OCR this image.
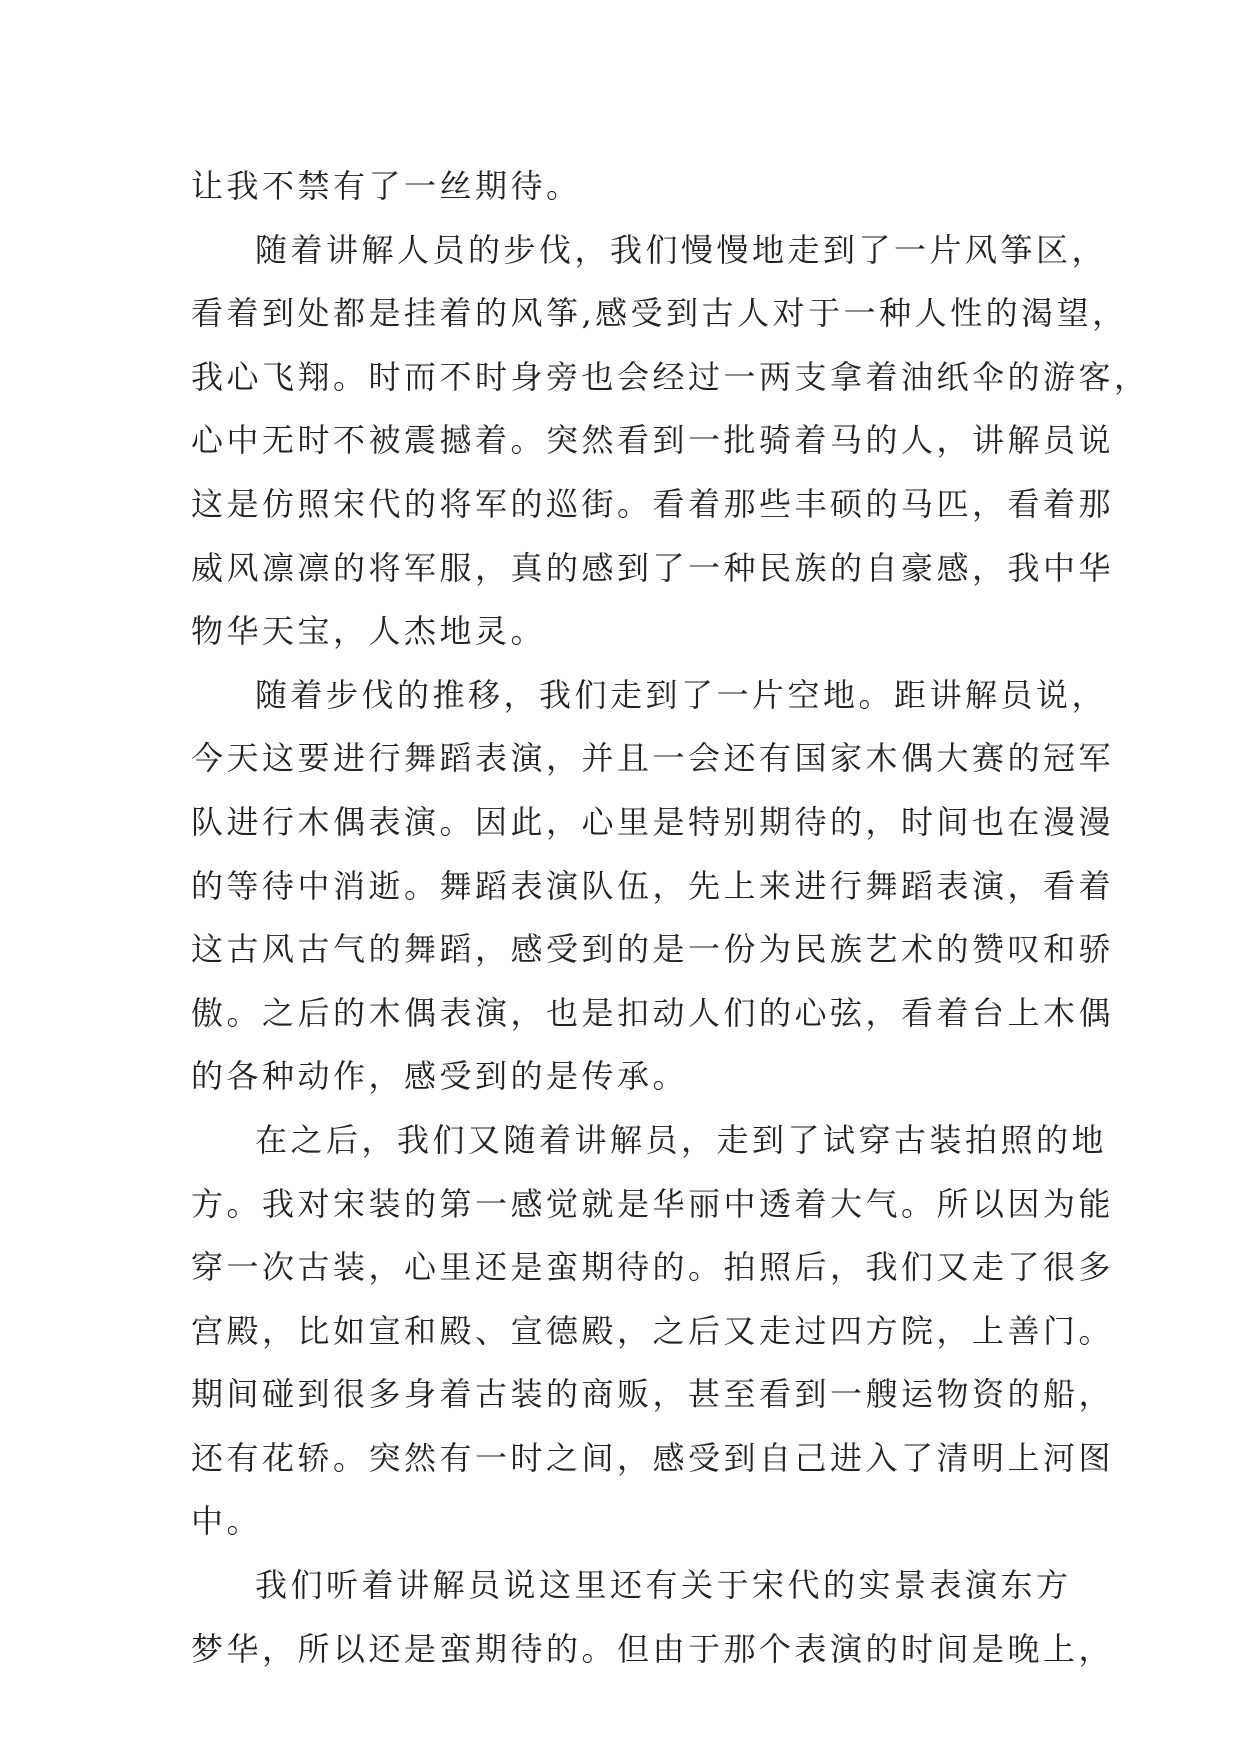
让我不禁有了一丝期待。

随着讲解人员的步伐，我们慢慢地走到了一片风筝区，

看着到处都是挂着的风筝,感受到古人对于一种人性的渴望，

我心飞翔。时而不时身旁也会经过一两支拿着油纸伞的游客，

心中无时不被震撼着。突然看到一批骑着马的人，讲解员说

这是仿照宋代的将军的巡街。看着那些丰硕的马匹，看着那

威风凛凛的将军服，真的感到了一种民族的自豪感，我中华

物华天宝，人杰地灵。

随着步伐的推移，我们走到了一片空地。距讲解员说，

今天这要进行舞蹈表演，并且一会还有国家木偶大赛的冠军

队进行木偶表演。因此，心里是特别期待的，时间也在漫漫

的等待中消逝。舞蹈表演队伍，先上来进行舞蹈表演，看着

这古风古气的舞蹈，感受到的是一份为民族艺术的赞叹和骄

傲。之后的木偶表演，也是扣动人们的心弦，看着台上木偶

的各种动作，感受到的是传承。

在之后，我们又随着讲解员，走到了试穿古装拍照的地

方。我对宋装的第一感觉就是华丽中透着大气。所以因为能

穿一次古装，心里还是蛮期待的。拍照后，我们又走了很多

宫殿，比如宣和殿、宣德殿，之后又走过四方院，上善门。

期间碰到很多身着古装的商贩，甚至看到一艘运物资的船，

还有花轿。突然有一时之间，感受到自己进入了清明上河图

中。

我们听着讲解员说这里还有关于宋代的实景表演东方

梦华，所以还是蛮期待的。但由于那个表演的时间是晚上，
